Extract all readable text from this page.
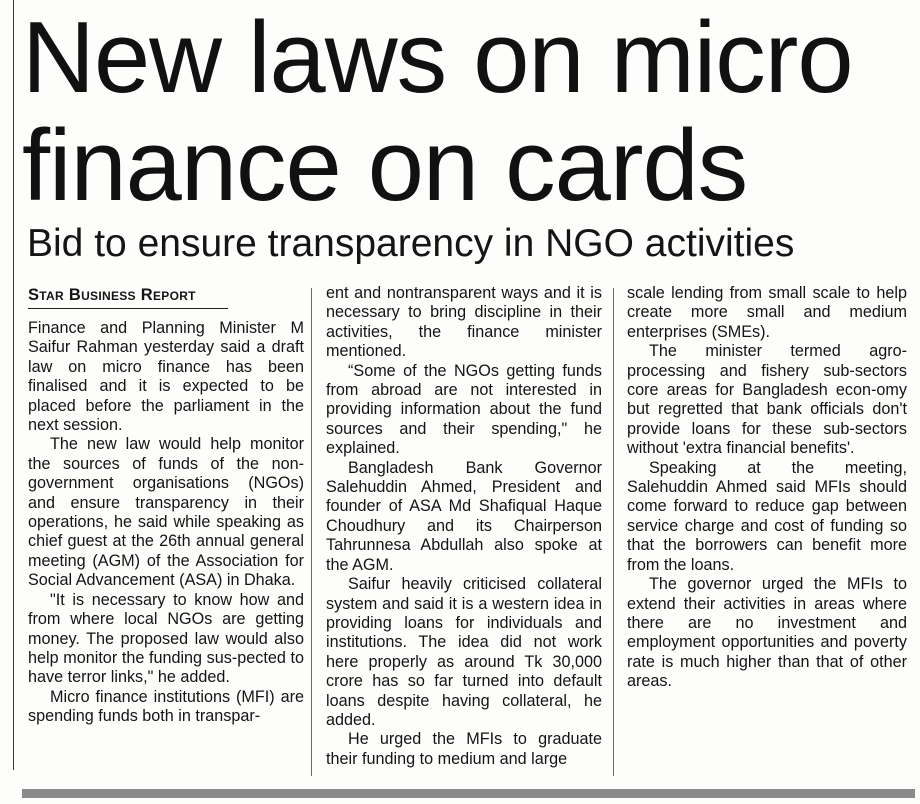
New laws on micro
finance on cards
Bid to ensure transparency in NGO activities
Star Business Report

Finance and Planning Minister M Saifur Rahman yesterday said a draft law on micro finance has been finalised and it is expected to be placed before the parliament in the next session.

The new law would help monitor the sources of funds of the non-government organisations (NGOs) and ensure transparency in their operations, he said while speaking as chief guest at the 26th annual general meeting (AGM) of the Association for Social Advancement (ASA) in Dhaka.

"It is necessary to know how and from where local NGOs are getting money. The proposed law would also help monitor the funding sus-pected to have terror links," he added.

Micro finance institutions (MFI) are spending funds both in transpar-

ent and nontransparent ways and it is necessary to bring discipline in their activities, the finance minister mentioned.

“Some of the NGOs getting funds from abroad are not interested in providing information about the fund sources and their spending," he explained.

Bangladesh Bank Governor Salehuddin Ahmed, President and founder of ASA Md Shafiqual Haque Choudhury and its Chairperson Tahrunnesa Abdullah also spoke at the AGM.

Saifur heavily criticised collateral system and said it is a western idea in providing loans for individuals and institutions. The idea did not work here properly as around Tk 30,000 crore has so far turned into default loans despite having collateral, he added.

He urged the MFIs to graduate their funding to medium and large

scale lending from small scale to help create more small and medium enterprises (SMEs).

The minister termed agro-processing and fishery sub-sectors core areas for Bangladesh econ-omy but regretted that bank officials don't provide loans for these sub-sectors without 'extra financial benefits'.

Speaking at the meeting, Salehuddin Ahmed said MFIs should come forward to reduce gap between service charge and cost of funding so that the borrowers can benefit more from the loans.

The governor urged the MFIs to extend their activities in areas where there are no investment and employment opportunities and poverty rate is much higher than that of other areas.
